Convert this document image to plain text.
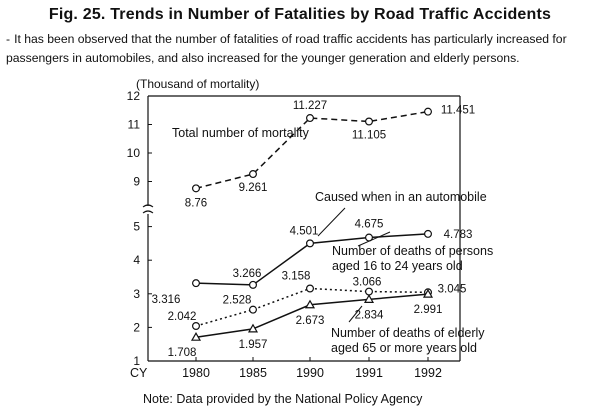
Fig. 25. Trends in Number of Fatalities by Road Traffic Accidents
- It has been observed that the number of fatalities of road traffic accidents has particularly increased for passengers in automobiles, and also increased for the younger generation and elderly persons.
9
10
11
12
1
2
3
4
5
(Thousand of mortality)
1980 1985 1990 1991 1992
CY
8.76
9.261
11.227
11.105
11.451
Total number of mortality
3.316
3.266
4.501
4.675
4.783
Caused when in an automobile
2.042
2.528
3.158
3.066
3.045
Number of deaths of persons
aged 16 to 24 years old
1.708
1.957
2.673	2.834	2.991
Number of deaths of elderly
aged 65 or more years old
Note: Data provided by the National Policy Agency
